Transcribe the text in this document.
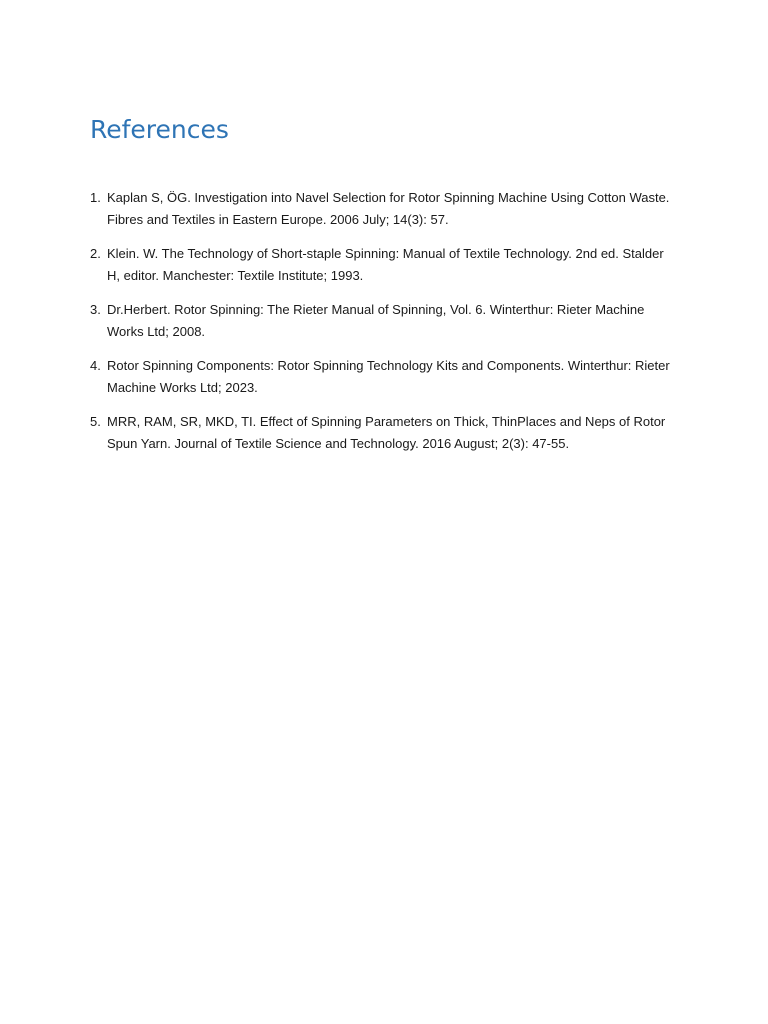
References
1. Kaplan S, ÖG. Investigation into Navel Selection for Rotor Spinning Machine Using Cotton Waste. Fibres and Textiles in Eastern Europe. 2006 July; 14(3): 57.
2. Klein. W. The Technology of Short-staple Spinning: Manual of Textile Technology. 2nd ed. Stalder H, editor. Manchester: Textile Institute; 1993.
3. Dr.Herbert. Rotor Spinning: The Rieter Manual of Spinning, Vol. 6. Winterthur: Rieter Machine Works Ltd; 2008.
4. Rotor Spinning Components: Rotor Spinning Technology Kits and Components. Winterthur: Rieter Machine Works Ltd; 2023.
5. MRR, RAM, SR, MKD, TI. Effect of Spinning Parameters on Thick, ThinPlaces and Neps of Rotor Spun Yarn. Journal of Textile Science and Technology. 2016 August; 2(3): 47-55.
